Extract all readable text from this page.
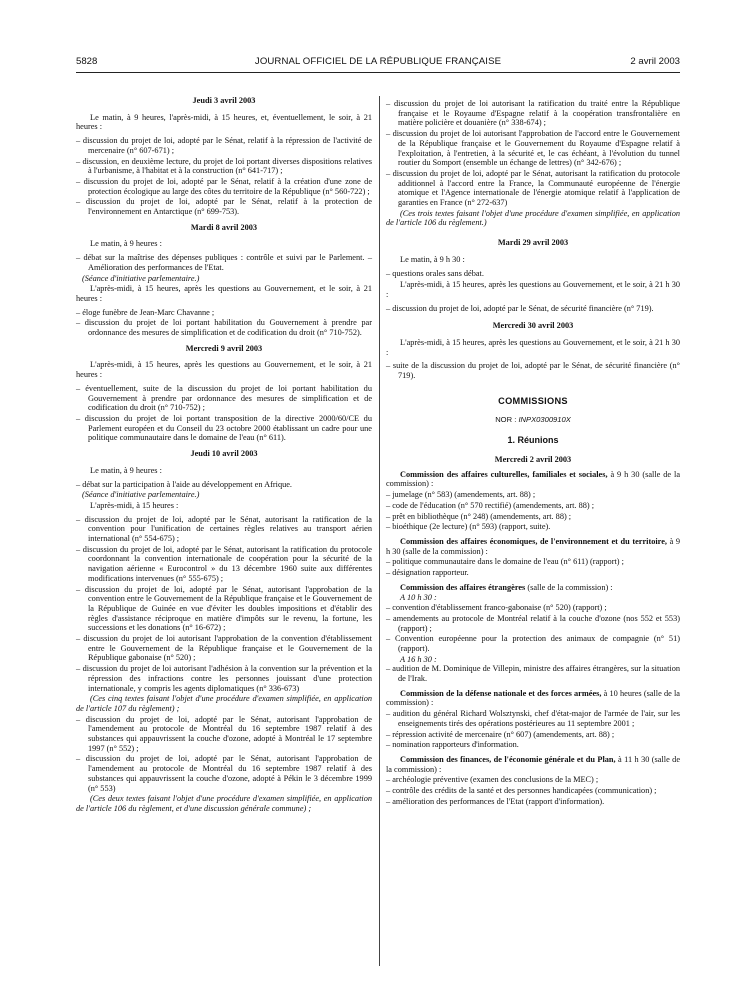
5828	JOURNAL OFFICIEL DE LA RÉPUBLIQUE FRANÇAISE	2 avril 2003
Jeudi 3 avril 2003
Le matin, à 9 heures, l'après-midi, à 15 heures, et, éventuellement, le soir, à 21 heures :
– discussion du projet de loi, adopté par le Sénat, relatif à la répression de l'activité de mercenaire (n° 607-671) ;
– discussion, en deuxième lecture, du projet de loi portant diverses dispositions relatives à l'urbanisme, à l'habitat et à la construction (n° 641-717) ;
– discussion du projet de loi, adopté par le Sénat, relatif à la création d'une zone de protection écologique au large des côtes du territoire de la République (n° 560-722) ;
– discussion du projet de loi, adopté par le Sénat, relatif à la protection de l'environnement en Antarctique (n° 699-753).
Mardi 8 avril 2003
Le matin, à 9 heures :
– débat sur la maîtrise des dépenses publiques : contrôle et suivi par le Parlement. – Amélioration des performances de l'Etat.
(Séance d'initiative parlementaire.)
L'après-midi, à 15 heures, après les questions au Gouvernement, et le soir, à 21 heures :
– éloge funèbre de Jean-Marc Chavanne ;
– discussion du projet de loi portant habilitation du Gouvernement à prendre par ordonnance des mesures de simplification et de codification du droit (n° 710-752).
Mercredi 9 avril 2003
L'après-midi, à 15 heures, après les questions au Gouvernement, et le soir, à 21 heures :
– éventuellement, suite de la discussion du projet de loi portant habilitation du Gouvernement à prendre par ordonnance des mesures de simplification et de codification du droit (n° 710-752) ;
– discussion du projet de loi portant transposition de la directive 2000/60/CE du Parlement européen et du Conseil du 23 octobre 2000 établissant un cadre pour une politique communautaire dans le domaine de l'eau (n° 611).
Jeudi 10 avril 2003
Le matin, à 9 heures :
– débat sur la participation à l'aide au développement en Afrique.
(Séance d'initiative parlementaire.)
L'après-midi, à 15 heures :
– discussion du projet de loi, adopté par le Sénat, autorisant la ratification de la convention pour l'unification de certaines règles relatives au transport aérien international (n° 554-675) ;
– discussion du projet de loi, adopté par le Sénat, autorisant la ratification du protocole coordonnant la convention internationale de coopération pour la sécurité de la navigation aérienne « Eurocontrol » du 13 décembre 1960 suite aux différentes modifications intervenues (n° 555-675) ;
– discussion du projet de loi, adopté par le Sénat, autorisant l'approbation de la convention entre le Gouvernement de la République française et le Gouvernement de la République de Guinée en vue d'éviter les doubles impositions et d'établir des règles d'assistance réciproque en matière d'impôts sur le revenu, la fortune, les successions et les donations (n° 16-672) ;
– discussion du projet de loi autorisant l'approbation de la convention d'établissement entre le Gouvernement de la République française et le Gouvernement de la République gabonaise (n° 520) ;
– discussion du projet de loi autorisant l'adhésion à la convention sur la prévention et la répression des infractions contre les personnes jouissant d'une protection internationale, y compris les agents diplomatiques (n° 336-673)
(Ces cinq textes faisant l'objet d'une procédure d'examen simplifiée, en application de l'article 107 du règlement) ;
– discussion du projet de loi, adopté par le Sénat, autorisant l'approbation de l'amendement au protocole de Montréal du 16 septembre 1987 relatif à des substances qui appauvrissent la couche d'ozone, adopté à Montréal le 17 septembre 1997 (n° 552) ;
– discussion du projet de loi, adopté par le Sénat, autorisant l'approbation de l'amendement au protocole de Montréal du 16 septembre 1987 relatif à des substances qui appauvrissent la couche d'ozone, adopté à Pékin le 3 décembre 1999 (n° 553)
(Ces deux textes faisant l'objet d'une procédure d'examen simplifiée, en application de l'article 106 du règlement, et d'une discussion générale commune) ;
– discussion du projet de loi autorisant la ratification du traité entre la République française et le Royaume d'Espagne relatif à la coopération transfrontalière en matière policière et douanière (n° 338-674) ;
– discussion du projet de loi autorisant l'approbation de l'accord entre le Gouvernement de la République française et le Gouvernement du Royaume d'Espagne relatif à l'exploitation, à l'entretien, à la sécurité et, le cas échéant, à l'évolution du tunnel routier du Somport (ensemble un échange de lettres) (n° 342-676) ;
– discussion du projet de loi, adopté par le Sénat, autorisant la ratification du protocole additionnel à l'accord entre la France, la Communauté européenne de l'énergie atomique et l'Agence internationale de l'énergie atomique relatif à l'application de garanties en France (n° 272-637)
(Ces trois textes faisant l'objet d'une procédure d'examen simplifiée, en application de l'article 106 du règlement.)
Mardi 29 avril 2003
Le matin, à 9 h 30 :
– questions orales sans débat.
L'après-midi, à 15 heures, après les questions au Gouvernement, et le soir, à 21 h 30 :
– discussion du projet de loi, adopté par le Sénat, de sécurité financière (n° 719).
Mercredi 30 avril 2003
L'après-midi, à 15 heures, après les questions au Gouvernement, et le soir, à 21 h 30 :
– suite de la discussion du projet de loi, adopté par le Sénat, de sécurité financière (n° 719).
COMMISSIONS
NOR : INPX0300910X
1. Réunions
Mercredi 2 avril 2003
Commission des affaires culturelles, familiales et sociales, à 9 h 30 (salle de la commission) :
– jumelage (n° 583) (amendements, art. 88) ;
– code de l'éducation (n° 570 rectifié) (amendements, art. 88) ;
– prêt en bibliothèque (n° 248) (amendements, art. 88) ;
– bioéthique (2e lecture) (n° 593) (rapport, suite).
Commission des affaires économiques, de l'environnement et du territoire, à 9 h 30 (salle de la commission) :
– politique communautaire dans le domaine de l'eau (n° 611) (rapport) ;
– désignation rapporteur.
Commission des affaires étrangères (salle de la commission) :
A 10 h 30 :
– convention d'établissement franco-gabonaise (n° 520) (rapport) ;
– amendements au protocole de Montréal relatif à la couche d'ozone (nos 552 et 553) (rapport) ;
– Convention européenne pour la protection des animaux de compagnie (n° 51) (rapport).
A 16 h 30 :
– audition de M. Dominique de Villepin, ministre des affaires étrangères, sur la situation de l'Irak.
Commission de la défense nationale et des forces armées, à 10 heures (salle de la commission) :
– audition du général Richard Wolsztynski, chef d'état-major de l'armée de l'air, sur les enseignements tirés des opérations postérieures au 11 septembre 2001 ;
– répression activité de mercenaire (n° 607) (amendements, art. 88) ;
– nomination rapporteurs d'information.
Commission des finances, de l'économie générale et du Plan, à 11 h 30 (salle de la commission) :
– archéologie préventive (examen des conclusions de la MEC) ;
– contrôle des crédits de la santé et des personnes handicapées (communication) ;
– amélioration des performances de l'Etat (rapport d'information).
